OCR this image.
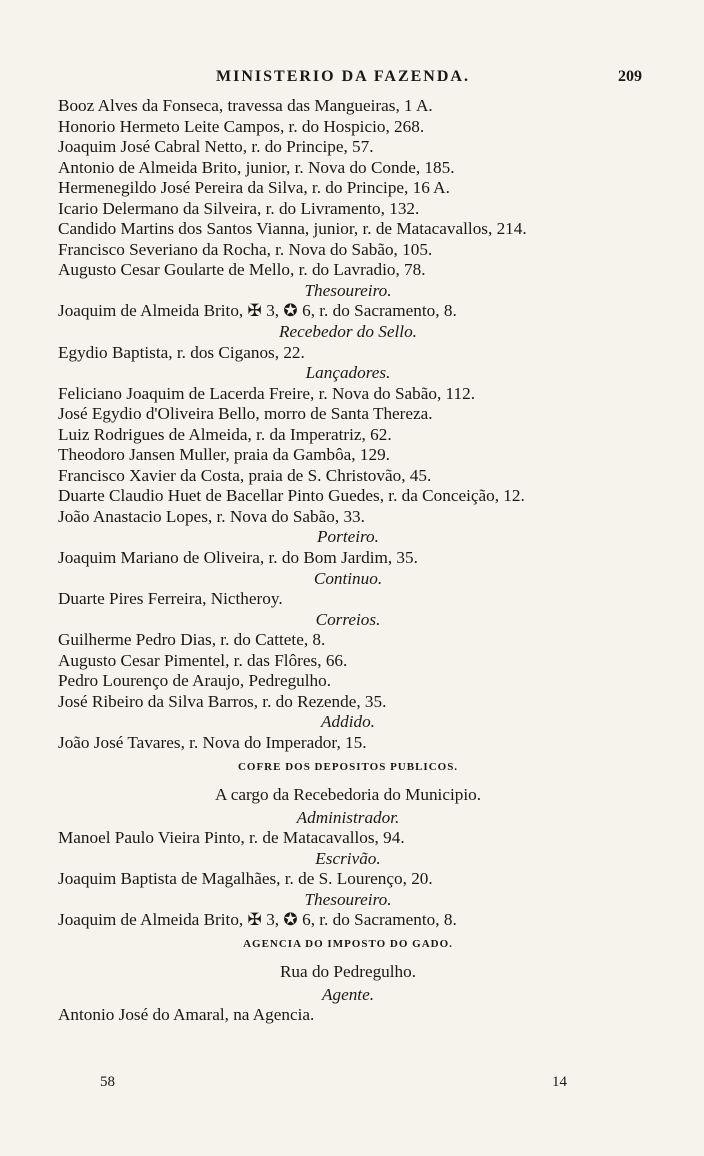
MINISTERIO DA FAZENDA.	209
Booz Alves da Fonseca, travessa das Mangueiras, 1 A.
Honorio Hermeto Leite Campos, r. do Hospicio, 268.
Joaquim José Cabral Netto, r. do Principe, 57.
Antonio de Almeida Brito, junior, r. Nova do Conde, 185.
Hermenegildo José Pereira da Silva, r. do Principe, 16 A.
Icario Delermano da Silveira, r. do Livramento, 132.
Candido Martins dos Santos Vianna, junior, r. de Matacavallos, 214.
Francisco Severiano da Rocha, r. Nova do Sabão, 105.
Augusto Cesar Goularte de Mello, r. do Lavradio, 78.
Thesoureiro.
Joaquim de Almeida Brito, ✠ 3, ✪ 6, r. do Sacramento, 8.
Recebedor do Sello.
Egydio Baptista, r. dos Ciganos, 22.
Lançadores.
Feliciano Joaquim de Lacerda Freire, r. Nova do Sabão, 112.
José Egydio d'Oliveira Bello, morro de Santa Thereza.
Luiz Rodrigues de Almeida, r. da Imperatriz, 62.
Theodoro Jansen Muller, praia da Gambôa, 129.
Francisco Xavier da Costa, praia de S. Christovão, 45.
Duarte Claudio Huet de Bacellar Pinto Guedes, r. da Conceição, 12.
João Anastacio Lopes, r. Nova do Sabão, 33.
Porteiro.
Joaquim Mariano de Oliveira, r. do Bom Jardim, 35.
Continuo.
Duarte Pires Ferreira, Nictheroy.
Correios.
Guilherme Pedro Dias, r. do Cattete, 8.
Augusto Cesar Pimentel, r. das Flôres, 66.
Pedro Lourenço de Araujo, Pedregulho.
José Ribeiro da Silva Barros, r. do Rezende, 35.
Addido.
João José Tavares, r. Nova do Imperador, 15.
COFRE DOS DEPOSITOS PUBLICOS.
A cargo da Recebedoria do Municipio.
Administrador.
Manoel Paulo Vieira Pinto, r. de Matacavallos, 94.
Escrivão.
Joaquim Baptista de Magalhães, r. de S. Lourenço, 20.
Thesoureiro.
Joaquim de Almeida Brito, ✠ 3, ✪ 6, r. do Sacramento, 8.
AGENCIA DO IMPOSTO DO GADO.
Rua do Pedregulho.
Agente.
Antonio José do Amaral, na Agencia.
58	14
